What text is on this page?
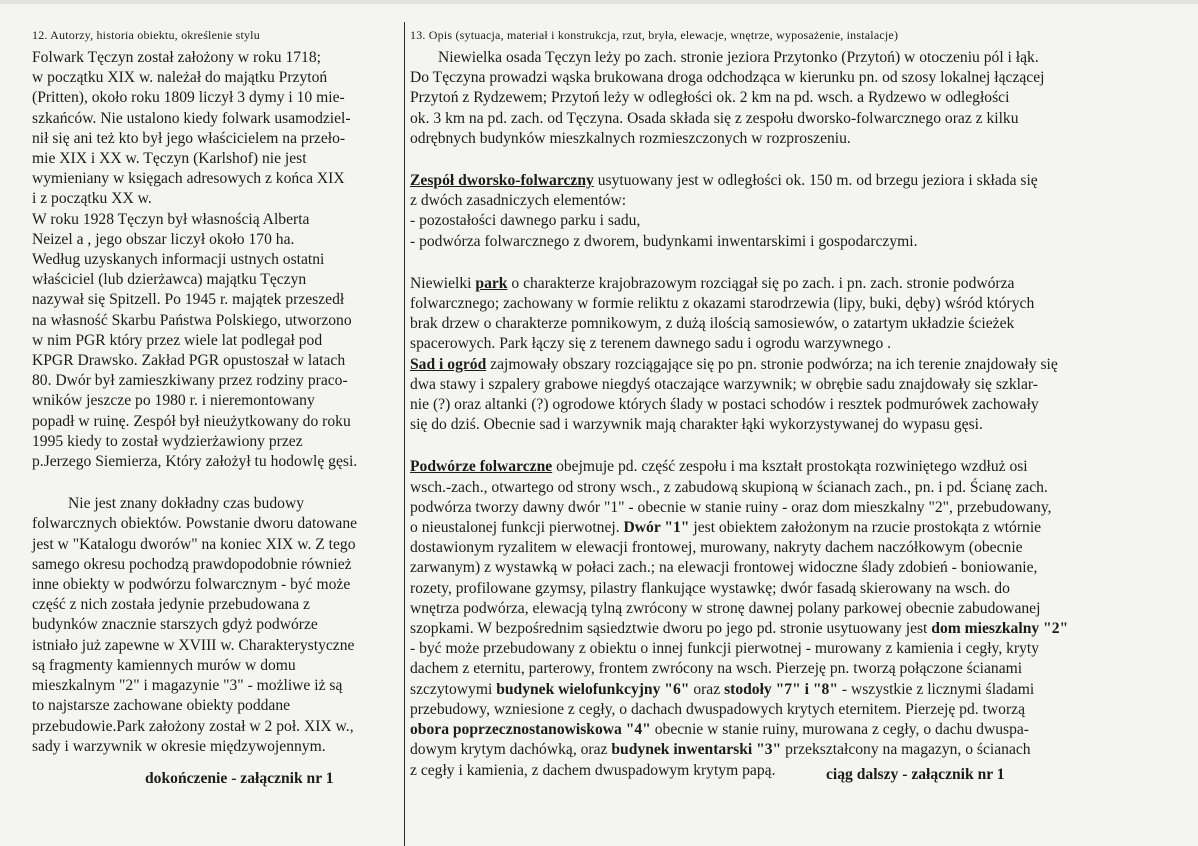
12. Autorzy, historia obiektu, określenie stylu
Folwark Tęczyn został założony w roku 1718;
w początku XIX w. należał do majątku Przytoń
(Pritten), około roku 1809 liczył 3 dymy i 10 mie-
szkańców. Nie ustalono kiedy folwark usamodziel-
nił się ani też kto był jego właścicielem na przeło-
mie XIX i XX w. Tęczyn (Karlshof) nie jest
wymieniany w księgach adresowych z końca XIX
i z początku XX w.
W roku 1928 Tęczyn był własnością Alberta
Neizel a , jego obszar liczył około 170 ha.
Według uzyskanych informacji ustnych ostatni
właściciel (lub dzierżawca) majątku Tęczyn
nazywał się Spitzell. Po 1945 r. majątek przeszedł
na własność Skarbu Państwa Polskiego, utworzono
w nim PGR który przez wiele lat podlegał pod
KPGR Drawsko. Zakład PGR opustoszał w latach
80. Dwór był zamieszkiwany przez rodziny praco-
wników jeszcze po 1980 r. i nieremontowany
popadł w ruinę. Zespół był nieużytkowany do roku
1995 kiedy to został wydzierżawiony przez
p.Jerzego Siemierza, Który założył tu hodowlę gęsi.
Nie jest znany dokładny czas budowy
folwarcznych obiektów. Powstanie dworu datowane
jest w "Katalogu dworów" na koniec XIX w. Z tego
samego okresu pochodzą prawdopodobnie również
inne obiekty w podwórzu folwarcznym - być może
część z nich została jedynie przebudowana z
budynków znacznie starszych gdyż podwórze
istniało już zapewne w XVIII w. Charakterystyczne
są fragmenty kamiennych murów w domu
mieszkalnym "2" i magazynie "3" - możliwe iż są
to najstarsze zachowane obiekty poddane
przebudowie.Park założony został w 2 poł. XIX w.,
sady i warzywnik w okresie międzywojennym.
dokończenie - załącznik nr 1
13. Opis (sytuacja, materiał i konstrukcja, rzut, bryła, elewacje, wnętrze, wyposażenie, instalacje)
Niewielka osada Tęczyn leży po zach. stronie jeziora Przytonko (Przytoń) w otoczeniu pól i łąk.
Do Tęczyna prowadzi wąska brukowana droga odchodząca w kierunku pn. od szosy lokalnej łączącej
Przytoń z Rydzewem; Przytoń leży w odległości ok. 2 km na pd. wsch. a Rydzewo w odległości
ok. 3 km na pd. zach. od Tęczyna. Osada składa się z zespołu dworsko-folwarcznego oraz z kilku
odrębnych budynków mieszkalnych rozmieszczonych w rozproszeniu.
Zespół dworsko-folwarczny usytuowany jest w odległości ok. 150 m. od brzegu jeziora i składa się
z dwóch zasadniczych elementów:
- pozostałości dawnego parku i sadu,
- podwórza folwarcznego z dworem, budynkami inwentarskimi i gospodarczymi.
Niewielki park o charakterze krajobrazowym rozciągał się po zach. i pn. zach. stronie podwórza
folwarcznego; zachowany w formie reliktu z okazami starodrzewia (lipy, buki, dęby) wśród których
brak drzew o charakterze pomnikowym, z dużą ilością samosiewów, o zatartym układzie ścieżek
spacerowych. Park łączy się z terenem dawnego sadu i ogrodu warzywnego .
Sad i ogród zajmowały obszary rozciągające się po pn. stronie podwórza; na ich terenie znajdowały się
dwa stawy i szpalery grabowe niegdyś otaczające warzywnik; w obrębie sadu znajdowały się szklar-
nie (?) oraz altanki (?) ogrodowe których ślady w postaci schodów i resztek podmurówek zachowały
się do dziś. Obecnie sad i warzywnik mają charakter łąki wykorzystywanej do wypasu gęsi.
Podwórze folwarczne obejmuje pd. część zespołu i ma kształt prostokąta rozwiniętego wzdłuż osi
wsch.-zach., otwartego od strony wsch., z zabudową skupioną w ścianach zach., pn. i pd. Ścianę zach.
podwórza tworzy dawny dwór "1" - obecnie w stanie ruiny - oraz dom mieszkalny "2", przebudowany,
o nieustalonej funkcji pierwotnej. Dwór "1" jest obiektem założonym na rzucie prostokąta z wtórnie
dostawionym ryzalitem w elewacji frontowej, murowany, nakryty dachem naczółkowym (obecnie
zarwanym) z wystawką w połaci zach.; na elewacji frontowej widoczne ślady zdobień - boniowanie,
rozety, profilowane gzymsy, pilastry flankujące wystawkę; dwór fasadą skierowany na wsch. do
wnętrza podwórza, elewacją tylną zwrócony w stronę dawnej polany parkowej obecnie zabudowanej
szopkami. W bezpośrednim sąsiedztwie dworu po jego pd. stronie usytuowany jest dom mieszkalny "2"
- być może przebudowany z obiektu o innej funkcji pierwotnej - murowany z kamienia i cegły, kryty
dachem z eternitu, parterowy, frontem zwrócony na wsch. Pierzeję pn. tworzą połączone ścianami
szczytowymi budynek wielofunkcyjny "6" oraz stodoły "7" i "8" - wszystkie z licznymi śladami
przebudowy, wzniesione z cegły, o dachach dwuspadowych krytych eternitem. Pierzeję pd. tworzą
obora poprzecznostanowiskowa "4" obecnie w stanie ruiny, murowana z cegły, o dachu dwuspa-
dowym krytym dachówką, oraz budynek inwentarski "3" przekształcony na magazyn, o ścianach
z cegły i kamienia, z dachem dwuspadowym krytym papą.	ciąg dalszy - załącznik nr 1
